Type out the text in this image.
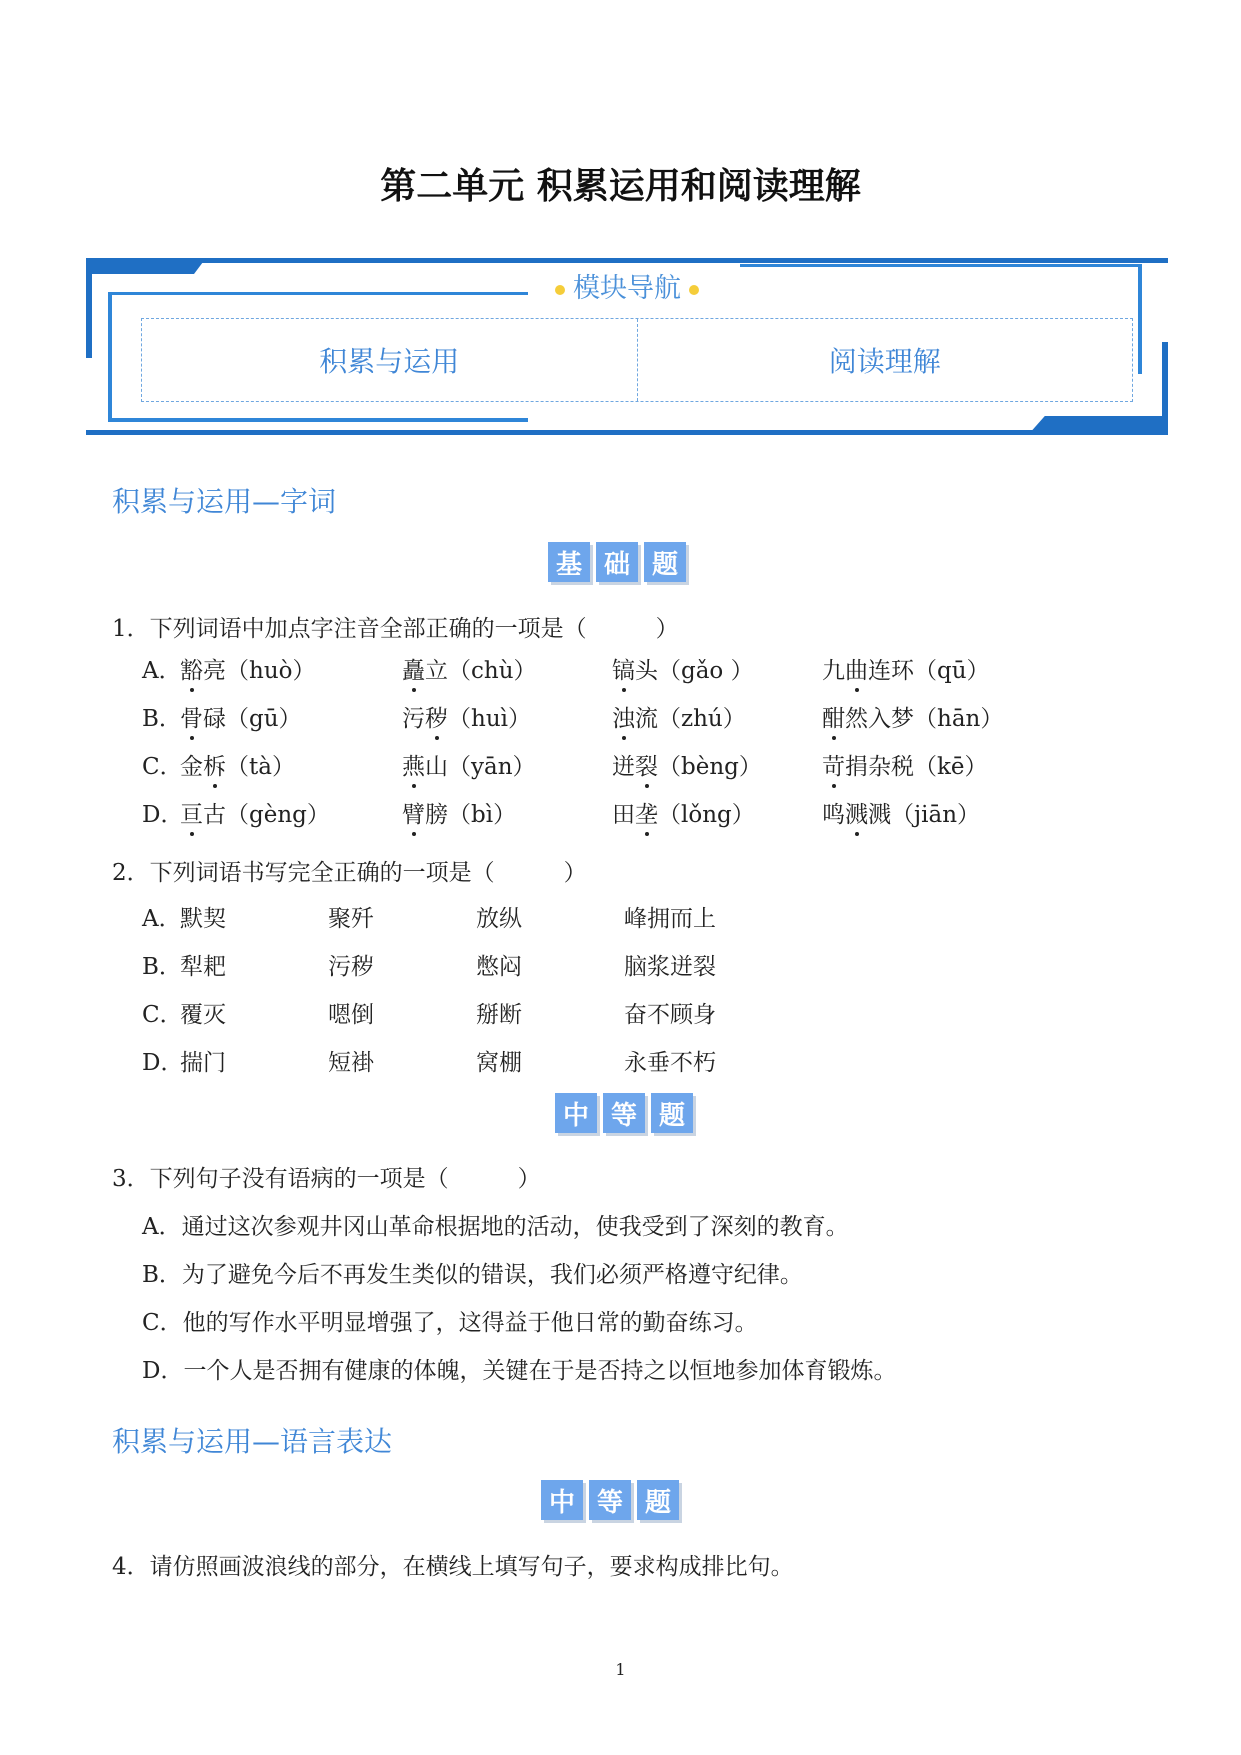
第二单元 积累运用和阅读理解
模块导航
积累与运用	阅读理解
积累与运用—字词
基 础 题
1．下列词语中加点字注音全部正确的一项是（　　　）
A．
豁亮（huò）	矗立（chù）	镐头（gǎo ）	九曲连环（qū）
B．
骨碌（gū）	污秽（huì）	浊流（zhú）	酣然入梦（hān）
C．
金柝（tà）	燕山（yān）	迸裂（bèng）	苛捐杂税（kē）
D．
亘古（gèng）	臂膀（bì）	田垄（lǒng）	鸣溅溅（jiān）
2．下列词语书写完全正确的一项是（　　　）
A．
默契	聚歼	放纵	峰拥而上
B．
犁耙	污秽	憋闷	脑浆迸裂
C．
覆灭	嗯倒	掰断	奋不顾身
D．
揣门	短褂	窝棚	永垂不朽
中 等 题
3．下列句子没有语病的一项是（　　　）
A．通过这次参观井冈山革命根据地的活动，使我受到了深刻的教育。
B．为了避免今后不再发生类似的错误，我们必须严格遵守纪律。
C．他的写作水平明显增强了，这得益于他日常的勤奋练习。
D．一个人是否拥有健康的体魄，关键在于是否持之以恒地参加体育锻炼。
积累与运用—语言表达
中 等 题
4．请仿照画波浪线的部分，在横线上填写句子，要求构成排比句。
1
